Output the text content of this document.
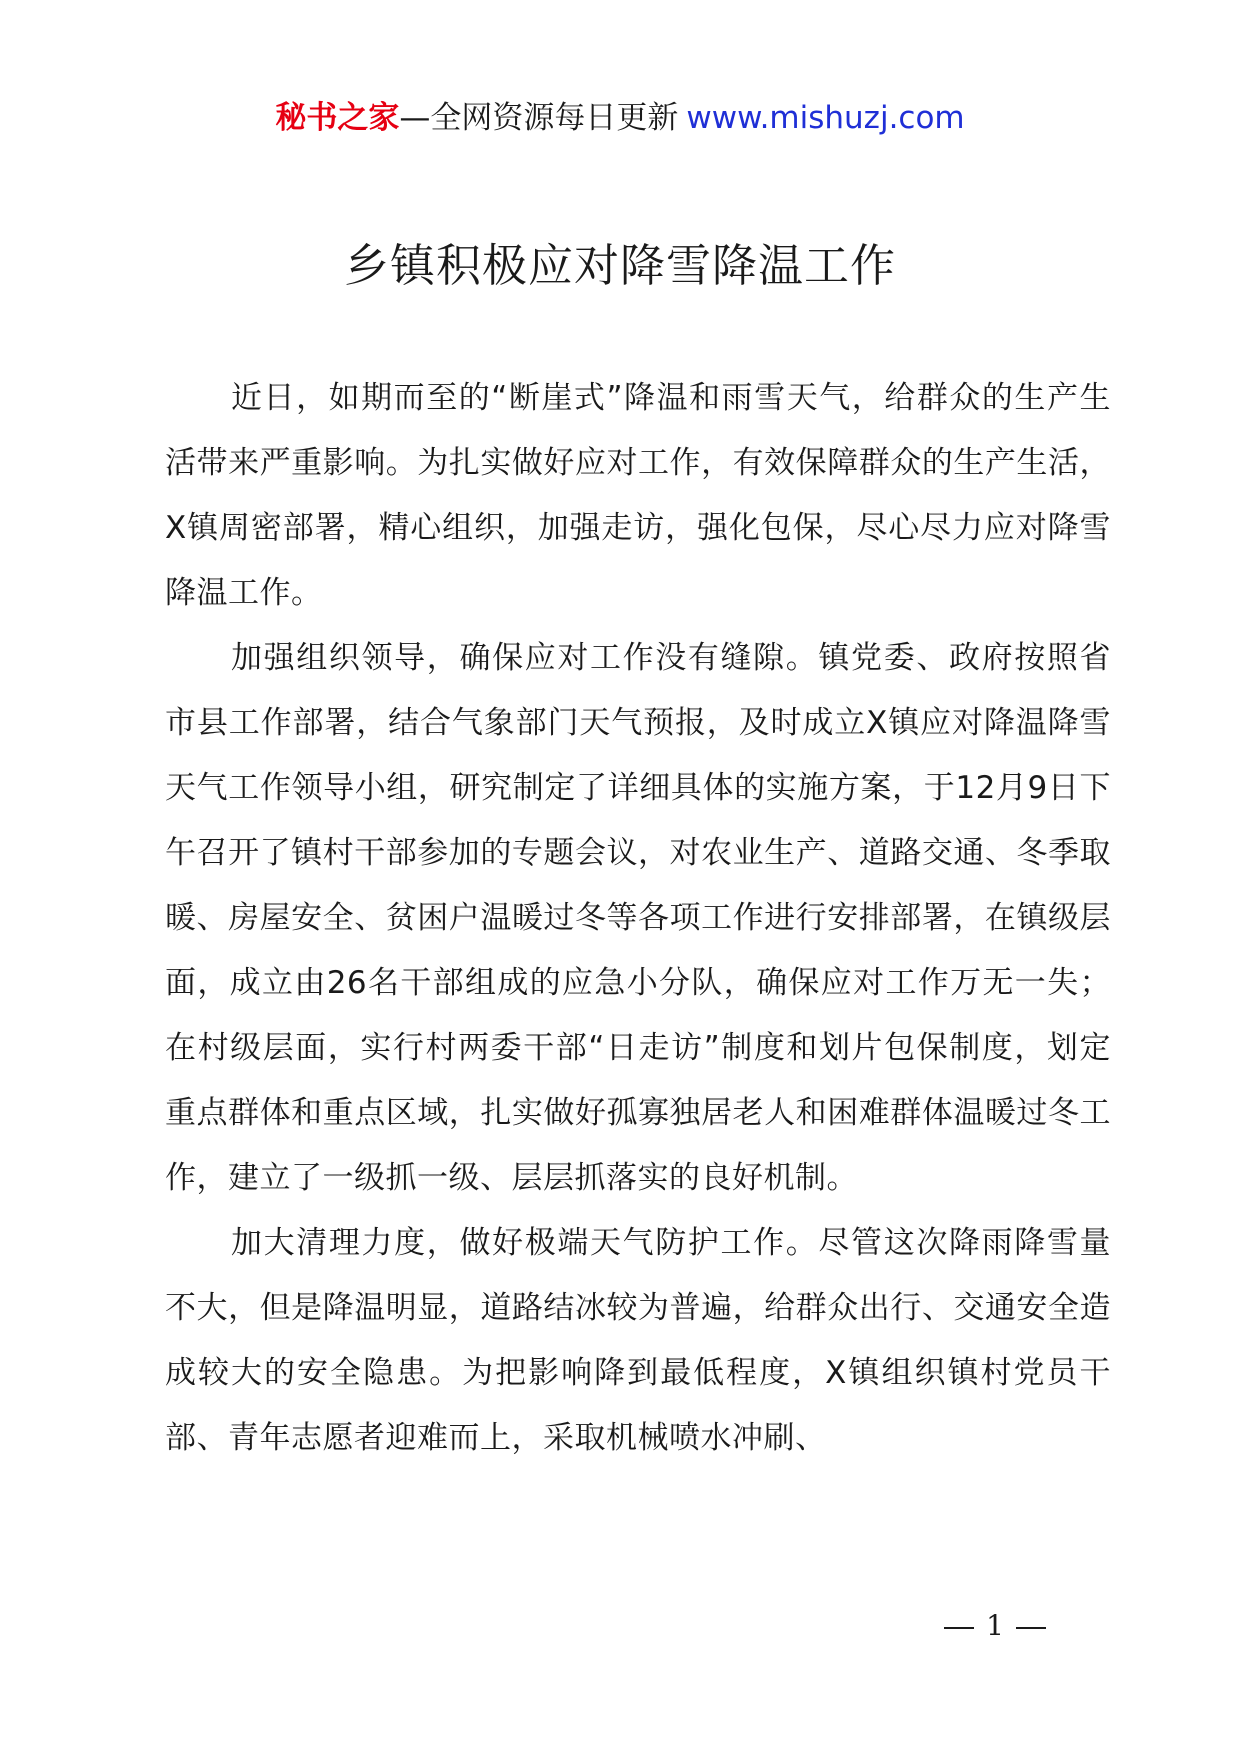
秘书之家—全网资源每日更新 www.mishuzj.com
乡镇积极应对降雪降温工作

近日，如期而至的“断崖式”降温和雨雪天气，给群众的生产生活带来严重影响。为扎实做好应对工作，有效保障群众的生产生活，X镇周密部署，精心组织，加强走访，强化包保，尽心尽力应对降雪降温工作。

加强组织领导，确保应对工作没有缝隙。镇党委、政府按照省市县工作部署，结合气象部门天气预报，及时成立X镇应对降温降雪天气工作领导小组，研究制定了详细具体的实施方案，于12月9日下午召开了镇村干部参加的专题会议，对农业生产、道路交通、冬季取暖、房屋安全、贫困户温暖过冬等各项工作进行安排部署，在镇级层面，成立由26名干部组成的应急小分队，确保应对工作万无一失；在村级层面，实行村两委干部“日走访”制度和划片包保制度，划定重点群体和重点区域，扎实做好孤寡独居老人和困难群体温暖过冬工作，建立了一级抓一级、层层抓落实的良好机制。

加大清理力度，做好极端天气防护工作。尽管这次降雨降雪量不大，但是降温明显，道路结冰较为普遍，给群众出行、交通安全造成较大的安全隐患。为把影响降到最低程度，X镇组织镇村党员干部、青年志愿者迎难而上，采取机械喷水冲刷、

1
